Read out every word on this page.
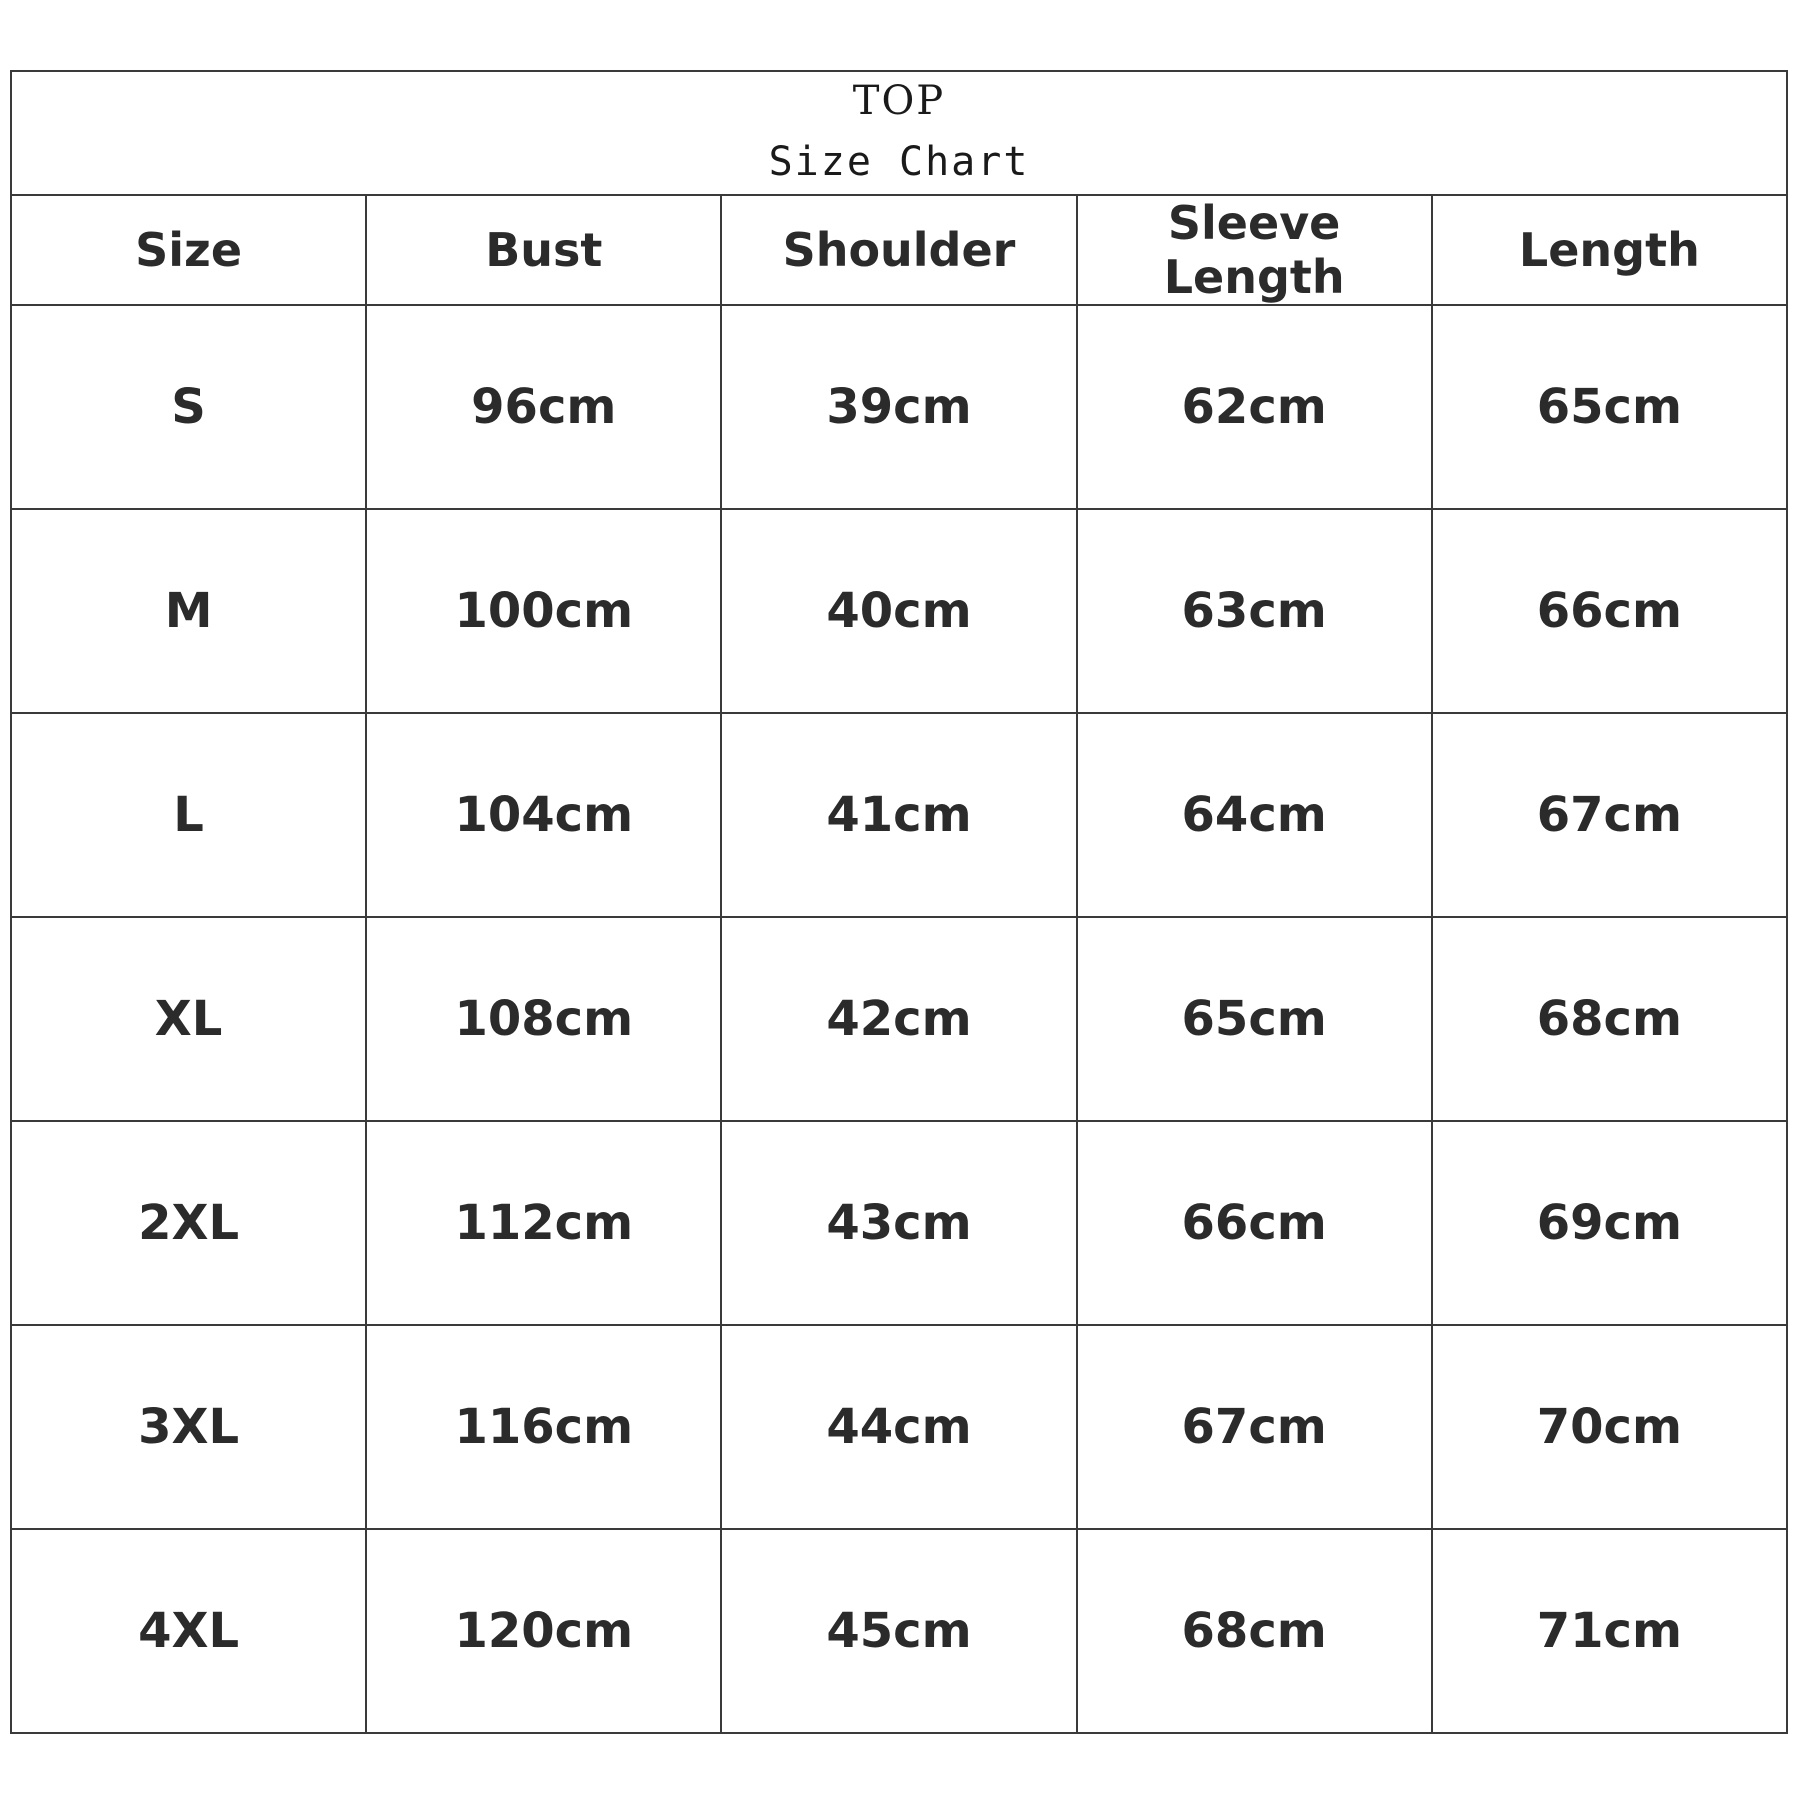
TOP
Size Chart				

Size	Bust	Shoulder	Sleeve Length	Length
S	96cm	39cm	62cm	65cm
M	100cm	40cm	63cm	66cm
L	104cm	41cm	64cm	67cm
XL	108cm	42cm	65cm	68cm
2XL	112cm	43cm	66cm	69cm
3XL	116cm	44cm	67cm	70cm
4XL	120cm	45cm	68cm	71cm
